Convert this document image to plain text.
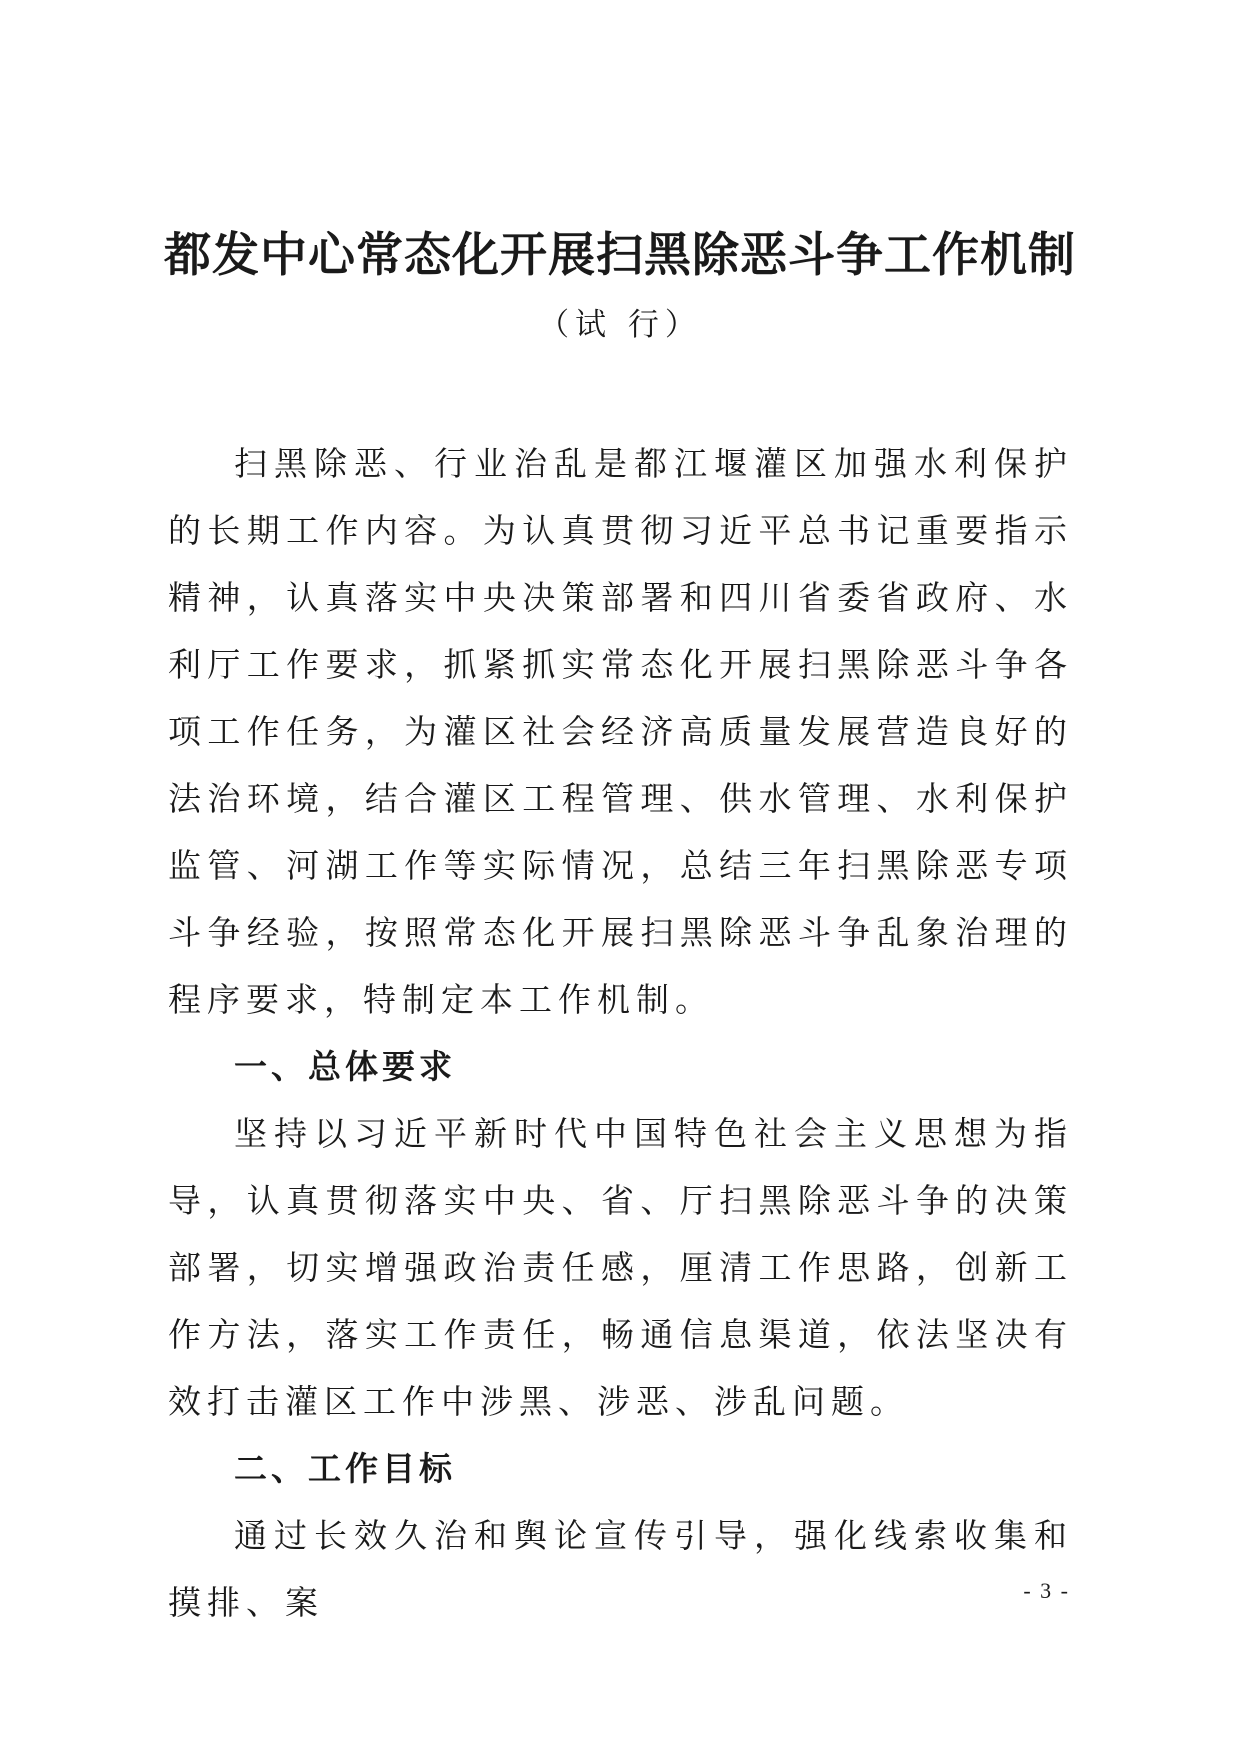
都发中心常态化开展扫黑除恶斗争工作机制

（试 行）

扫黑除恶、行业治乱是都江堰灌区加强水利保护的长期工作内容。为认真贯彻习近平总书记重要指示精神，认真落实中央决策部署和四川省委省政府、水利厅工作要求，抓紧抓实常态化开展扫黑除恶斗争各项工作任务，为灌区社会经济高质量发展营造良好的法治环境，结合灌区工程管理、供水管理、水利保护监管、河湖工作等实际情况，总结三年扫黑除恶专项斗争经验，按照常态化开展扫黑除恶斗争乱象治理的程序要求，特制定本工作机制。

一、总体要求

坚持以习近平新时代中国特色社会主义思想为指导，认真贯彻落实中央、省、厅扫黑除恶斗争的决策部署，切实增强政治责任感，厘清工作思路，创新工作方法，落实工作责任，畅通信息渠道，依法坚决有效打击灌区工作中涉黑、涉恶、涉乱问题。

二、工作目标

通过长效久治和舆论宣传引导，强化线索收集和摸排、案	- 3 -
